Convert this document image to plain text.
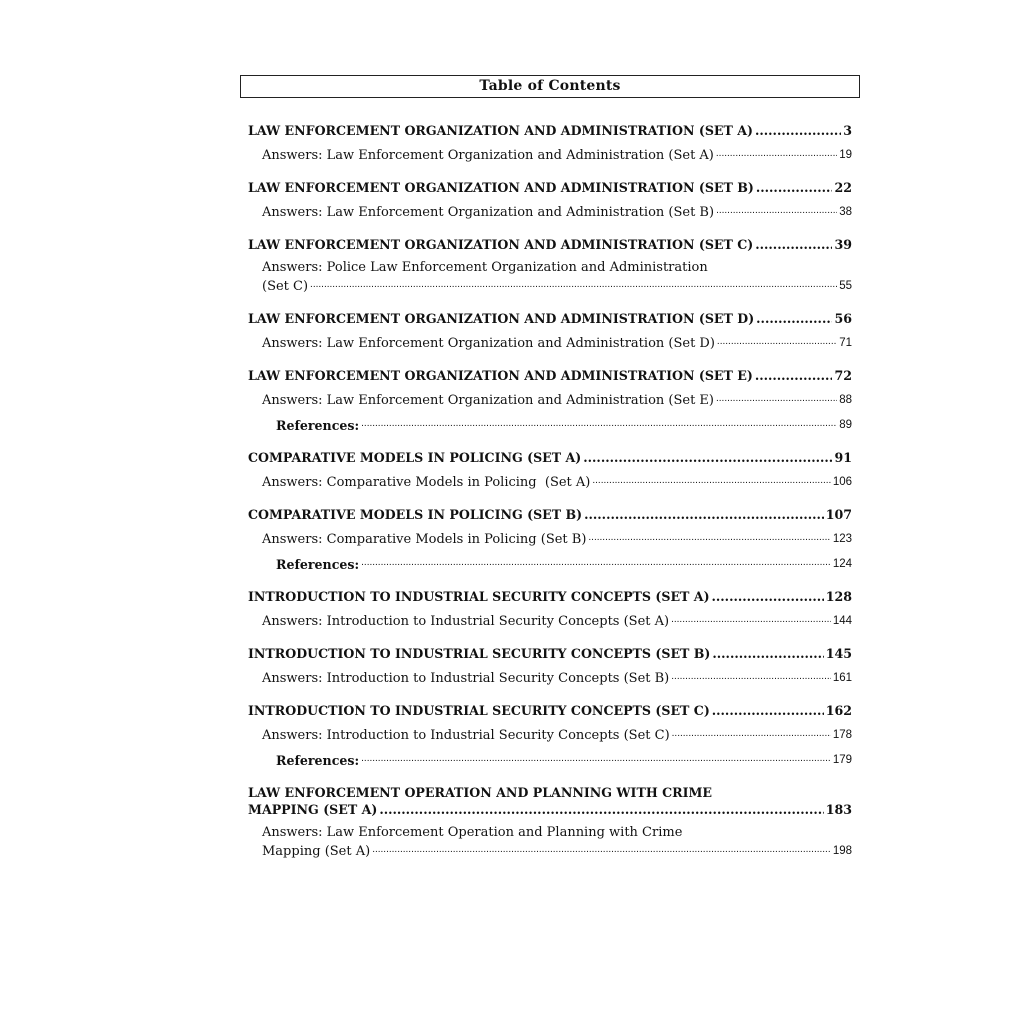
Table of Contents
LAW ENFORCEMENT ORGANIZATION AND ADMINISTRATION (SET A) .....	3
Answers: Law Enforcement Organization and Administration (Set A) .....	19
LAW ENFORCEMENT ORGANIZATION AND ADMINISTRATION (SET B) .....	22
Answers: Law Enforcement Organization and Administration (Set B) .....	38
LAW ENFORCEMENT ORGANIZATION AND ADMINISTRATION (SET C) .....	39
Answers: Police Law Enforcement Organization and Administration
(Set C) .....	55
LAW ENFORCEMENT ORGANIZATION AND ADMINISTRATION (SET D) .....	56
Answers: Law Enforcement Organization and Administration (Set D) .....	71
LAW ENFORCEMENT ORGANIZATION AND ADMINISTRATION (SET E) .....	72
Answers: Law Enforcement Organization and Administration (Set E) .....	88
References: .....	89
COMPARATIVE MODELS IN POLICING (SET A) .....	91
Answers: Comparative Models in Policing  (Set A) .....	106
COMPARATIVE MODELS IN POLICING (SET B) .....	107
Answers: Comparative Models in Policing (Set B) .....	123
References: .....	124
INTRODUCTION TO INDUSTRIAL SECURITY CONCEPTS (SET A) .....	128
Answers: Introduction to Industrial Security Concepts (Set A) .....	144
INTRODUCTION TO INDUSTRIAL SECURITY CONCEPTS (SET B) .....	145
Answers: Introduction to Industrial Security Concepts (Set B) .....	161
INTRODUCTION TO INDUSTRIAL SECURITY CONCEPTS (SET C) .....	162
Answers: Introduction to Industrial Security Concepts (Set C) .....	178
References: .....	179
LAW ENFORCEMENT OPERATION AND PLANNING WITH CRIME
MAPPING (SET A) .....	183
Answers: Law Enforcement Operation and Planning with Crime
Mapping (Set A) .....	198
